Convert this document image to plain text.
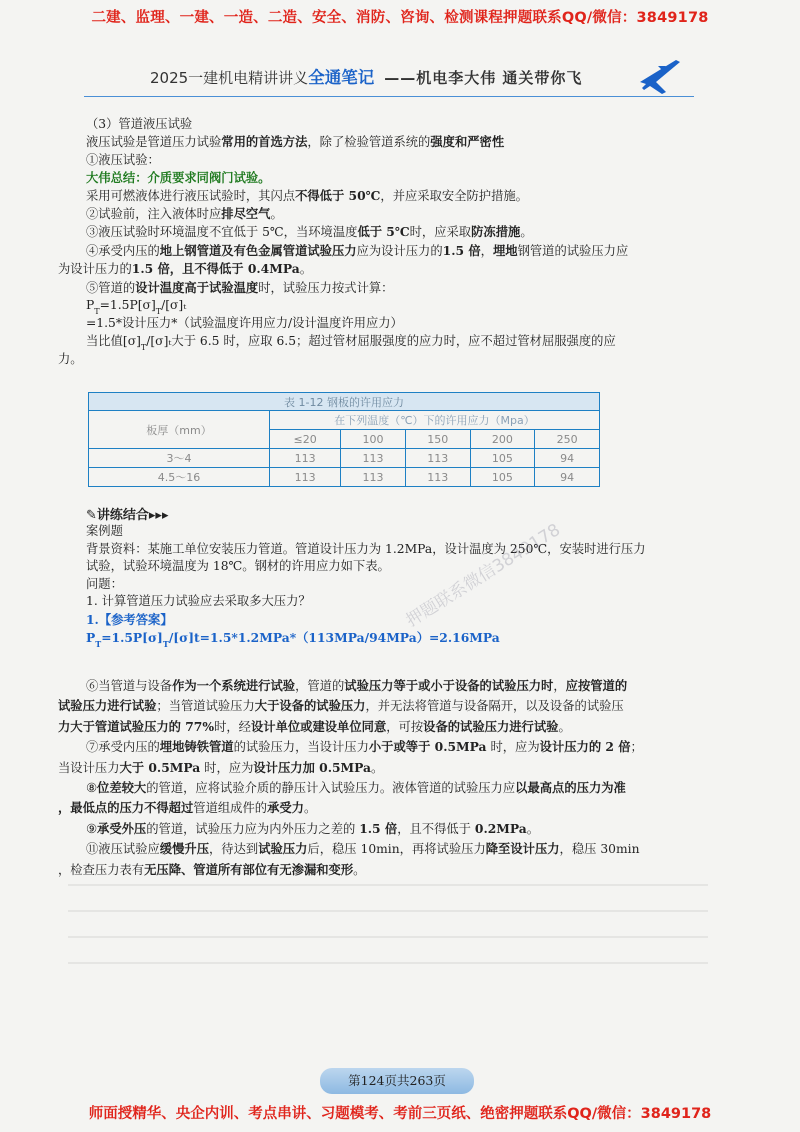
二建、监理、一建、一造、二造、安全、消防、咨询、检测课程押题联系QQ/微信：3849178
2025一建机电精讲讲义全通笔记 ——机电李大伟 通关带你飞

（3）管道液压试验

液压试验是管道压力试验常用的首选方法，除了检验管道系统的强度和严密性

①液压试验：

大伟总结：介质要求同阀门试验。

采用可燃液体进行液压试验时，其闪点不得低于 50℃，并应采取安全防护措施。

②试验前，注入液体时应排尽空气。

③液压试验时环境温度不宜低于 5℃，当环境温度低于 5℃时，应采取防冻措施。

④承受内压的地上钢管道及有色金属管道试验压力应为设计压力的1.5 倍，埋地钢管道的试验压力应

为设计压力的1.5 倍，且不得低于 0.4MPa。

⑤管道的设计温度高于试验温度时，试验压力按式计算：

$P_T=1.5P[\sigma]_T/[\sigma]_t$

=1.5*设计压力*（试验温度许用应力/设计温度许用应力）

当比值$[\sigma]_T/[\sigma]_t$大于 6.5 时，应取 6.5；超过管材屈服强度的应力时，应不超过管材屈服强度的应

力。

表 1-12 钢板的许用应力					
板厚（mm）	在下列温度（℃）下的许用应力（Mpa）				
	≤20	100	150	200	250
3～4	113	113	113	105	94
4.5～16	113	113	113	105	94
✎讲练结合▸▸▸

案例题

背景资料：某施工单位安装压力管道。管道设计压力为 1.2MPa，设计温度为 250℃，安装时进行压力

试验，试验环境温度为 18℃。钢材的许用应力如下表。

问题：

1. 计算管道压力试验应去采取多大压力？

1.【参考答案】

$P_T=1.5P[\sigma]_T/[\sigma]t=1.5*1.2MPa*(113MPa/94MPa)=2.16MPa$

押题联系微信3849178

⑥当管道与设备作为一个系统进行试验，管道的试验压力等于或小于设备的试验压力时，应按管道的

试验压力进行试验；当管道试验压力大于设备的试验压力，并无法将管道与设备隔开，以及设备的试验压

力大于管道试验压力的 77%时，经设计单位或建设单位同意，可按设备的试验压力进行试验。

⑦承受内压的埋地铸铁管道的试验压力，当设计压力小于或等于 0.5MPa 时，应为设计压力的 2 倍；

当设计压力大于 0.5MPa 时，应为设计压力加 0.5MPa。

⑧位差较大的管道，应将试验介质的静压计入试验压力。液体管道的试验压力应以最高点的压力为准

，最低点的压力不得超过管道组成件的承受力。

⑨承受外压的管道，试验压力应为内外压力之差的 1.5 倍，且不得低于 0.2MPa。

⑪液压试验应缓慢升压，待达到试验压力后，稳压 10min，再将试验压力降至设计压力，稳压 30min

，检查压力表有无压降、管道所有部位有无渗漏和变形。

第124页共263页
师面授精华、央企内训、考点串讲、习题模考、考前三页纸、绝密押题联系QQ/微信：3849178
